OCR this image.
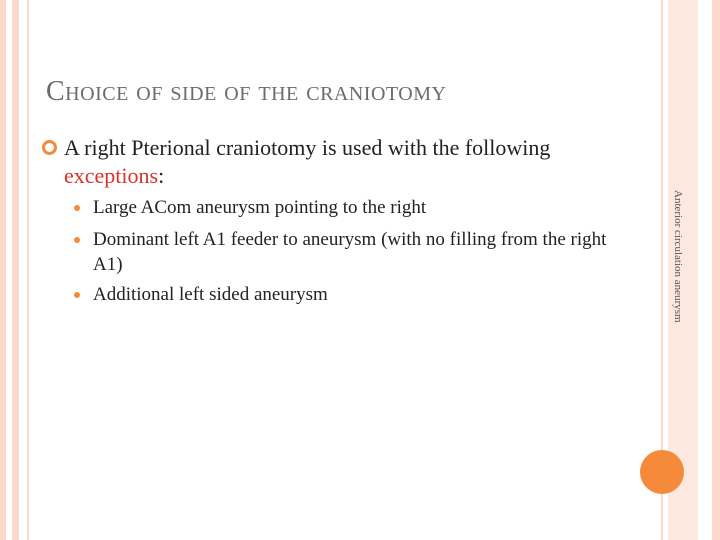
Choice of side of the craniotomy
A right Pterional craniotomy is used with the following exceptions:
Large ACom aneurysm pointing to the right
Dominant left A1 feeder to aneurysm (with no filling from the right A1)
Additional left sided aneurysm	Anterior circulation aneurysm
